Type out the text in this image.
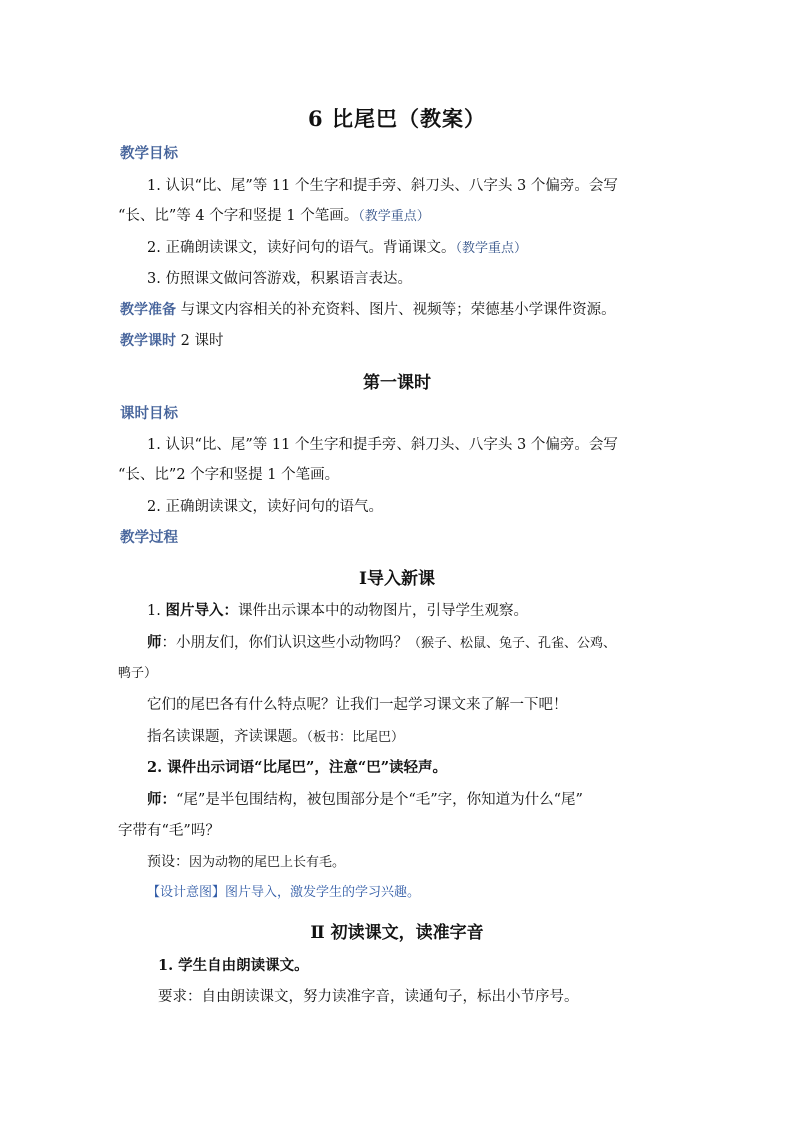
6 比尾巴（教案）
教学目标
1. 认识“比、尾”等 11 个生字和提手旁、斜刀头、八字头 3 个偏旁。会写
“长、比”等 4 个字和竖提 1 个笔画。（教学重点）
2. 正确朗读课文，读好问句的语气。背诵课文。（教学重点）
3. 仿照课文做问答游戏，积累语言表达。
教学准备 与课文内容相关的补充资料、图片、视频等；荣德基小学课件资源。
教学课时 2 课时
第一课时
课时目标
1. 认识“比、尾”等 11 个生字和提手旁、斜刀头、八字头 3 个偏旁。会写
“长、比”2 个字和竖提 1 个笔画。
2. 正确朗读课文，读好问句的语气。
教学过程
Ⅰ导入新课
1. 图片导入：课件出示课本中的动物图片，引导学生观察。
师：小朋友们，你们认识这些小动物吗？（猴子、松鼠、兔子、孔雀、公鸡、
鸭子）
它们的尾巴各有什么特点呢？让我们一起学习课文来了解一下吧！
指名读课题，齐读课题。（板书：比尾巴）
2. 课件出示词语“比尾巴”，注意“巴”读轻声。
师：“尾”是半包围结构，被包围部分是个“毛”字，你知道为什么“尾”
字带有“毛”吗？
预设：因为动物的尾巴上长有毛。
【设计意图】图片导入，激发学生的学习兴趣。
Ⅱ 初读课文，读准字音
1. 学生自由朗读课文。
要求：自由朗读课文，努力读准字音，读通句子，标出小节序号。
